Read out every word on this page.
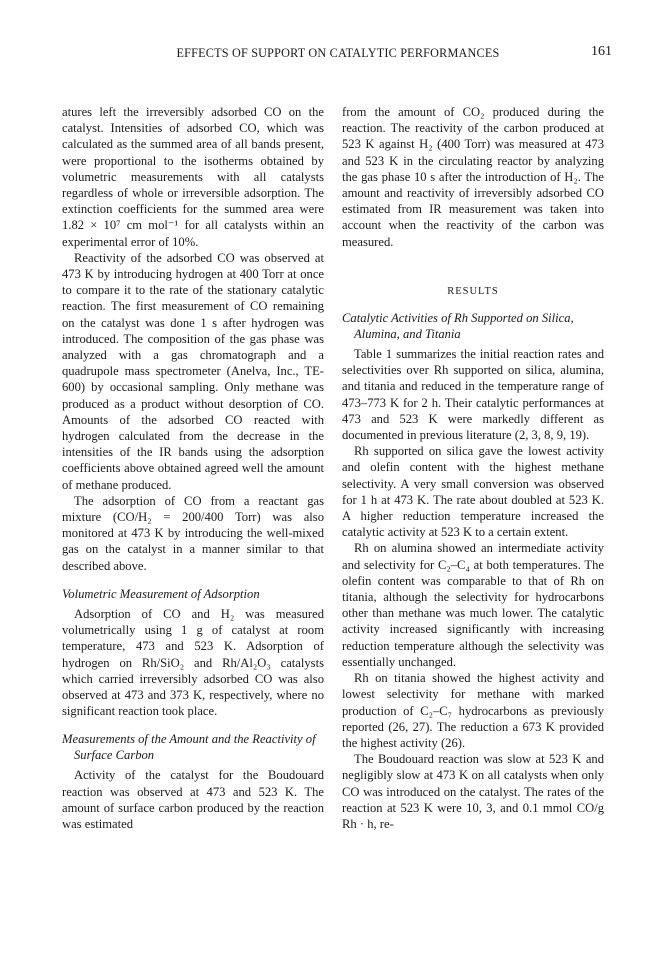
EFFECTS OF SUPPORT ON CATALYTIC PERFORMANCES	161

atures left the irreversibly adsorbed CO on the catalyst. Intensities of adsorbed CO, which was calculated as the summed area of all bands present, were proportional to the isotherms obtained by volumetric measurements with all catalysts regardless of whole or irreversible adsorption. The extinction coefficients for the summed area were 1.82 × 10⁷ cm mol⁻¹ for all catalysts within an experimental error of 10%.

Reactivity of the adsorbed CO was observed at 473 K by introducing hydrogen at 400 Torr at once to compare it to the rate of the stationary catalytic reaction. The first measurement of CO remaining on the catalyst was done 1 s after hydrogen was introduced. The composition of the gas phase was analyzed with a gas chromatograph and a quadrupole mass spectrometer (Anelva, Inc., TE-600) by occasional sampling. Only methane was produced as a product without desorption of CO. Amounts of the adsorbed CO reacted with hydrogen calculated from the decrease in the intensities of the IR bands using the adsorption coefficients above obtained agreed well the amount of methane produced.

The adsorption of CO from a reactant gas mixture (CO/H₂ = 200/400 Torr) was also monitored at 473 K by introducing the well-mixed gas on the catalyst in a manner similar to that described above.

Volumetric Measurement of Adsorption

Adsorption of CO and H₂ was measured volumetrically using 1 g of catalyst at room temperature, 473 and 523 K. Adsorption of hydrogen on Rh/SiO₂ and Rh/Al₂O₃ catalysts which carried irreversibly adsorbed CO was also observed at 473 and 373 K, respectively, where no significant reaction took place.

Measurements of the Amount and the Reactivity of Surface Carbon

Activity of the catalyst for the Boudouard reaction was observed at 473 and 523 K. The amount of surface carbon produced by the reaction was estimated

from the amount of CO₂ produced during the reaction. The reactivity of the carbon produced at 523 K against H₂ (400 Torr) was measured at 473 and 523 K in the circulating reactor by analyzing the gas phase 10 s after the introduction of H₂. The amount and reactivity of irreversibly adsorbed CO estimated from IR measurement was taken into account when the reactivity of the carbon was measured.

RESULTS
Catalytic Activities of Rh Supported on Silica, Alumina, and Titania

Table 1 summarizes the initial reaction rates and selectivities over Rh supported on silica, alumina, and titania and reduced in the temperature range of 473–773 K for 2 h. Their catalytic performances at 473 and 523 K were markedly different as documented in previous literature (2, 3, 8, 9, 19).

Rh supported on silica gave the lowest activity and olefin content with the highest methane selectivity. A very small conversion was observed for 1 h at 473 K. The rate about doubled at 523 K. A higher reduction temperature increased the catalytic activity at 523 K to a certain extent.

Rh on alumina showed an intermediate activity and selectivity for C₂–C₄ at both temperatures. The olefin content was comparable to that of Rh on titania, although the selectivity for hydrocarbons other than methane was much lower. The catalytic activity increased significantly with increasing reduction temperature although the selectivity was essentially unchanged.

Rh on titania showed the highest activity and lowest selectivity for methane with marked production of C₂–C₇ hydrocarbons as previously reported (26, 27). The reduction a 673 K provided the highest activity (26).

The Boudouard reaction was slow at 523 K and negligibly slow at 473 K on all catalysts when only CO was introduced on the catalyst. The rates of the reaction at 523 K were 10, 3, and 0.1 mmol CO/g Rh · h, re-
